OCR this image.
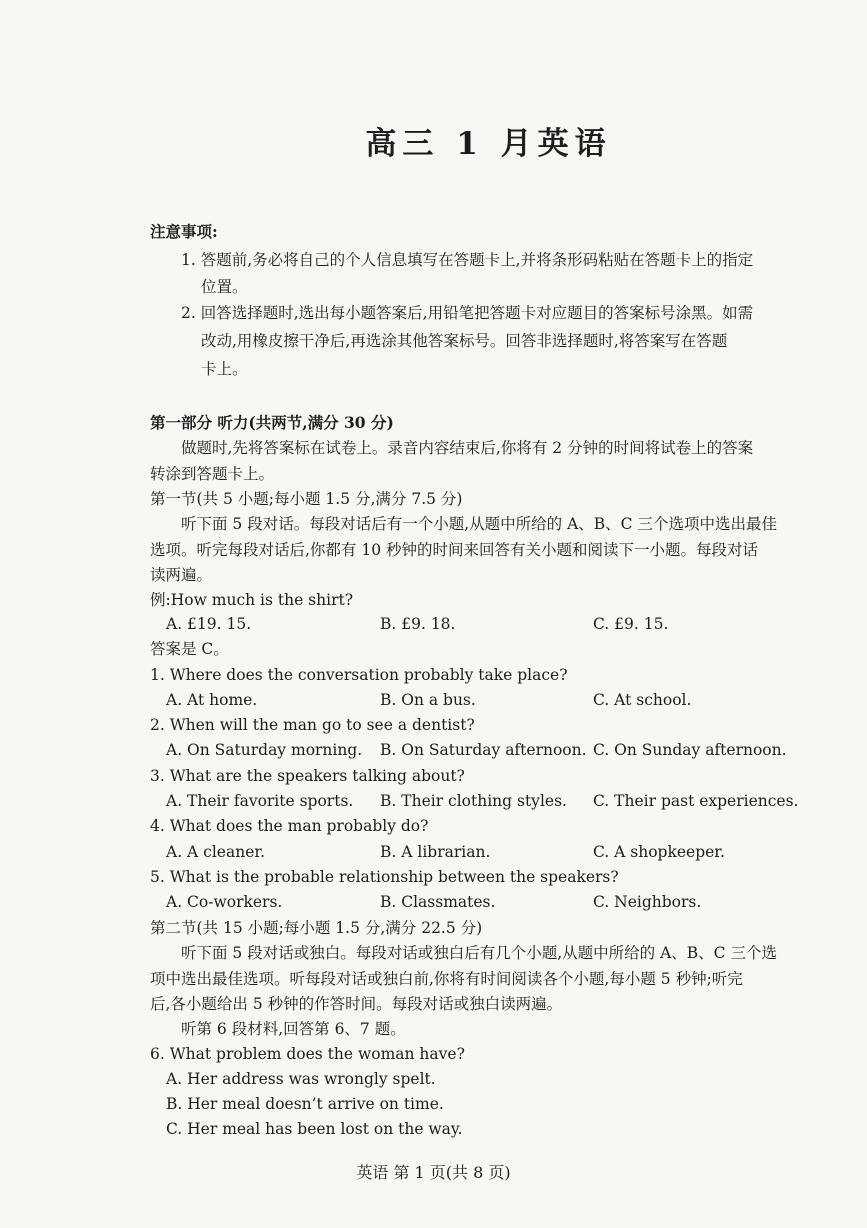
高三 1 月英语
注意事项:
1. 答题前,务必将自己的个人信息填写在答题卡上,并将条形码粘贴在答题卡上的指定
位置。
2. 回答选择题时,选出每小题答案后,用铅笔把答题卡对应题目的答案标号涂黑。如需
改动,用橡皮擦干净后,再选涂其他答案标号。回答非选择题时,将答案写在答题
卡上。
第一部分 听力(共两节,满分 30 分)
做题时,先将答案标在试卷上。录音内容结束后,你将有 2 分钟的时间将试卷上的答案
转涂到答题卡上。
第一节(共 5 小题;每小题 1.5 分,满分 7.5 分)
听下面 5 段对话。每段对话后有一个小题,从题中所给的 A、B、C 三个选项中选出最佳
选项。听完每段对话后,你都有 10 秒钟的时间来回答有关小题和阅读下一小题。每段对话
读两遍。
例:How much is the shirt?
A. £19. 15.	B. £9. 18.	C. £9. 15.
答案是 C。
1. Where does the conversation probably take place?
A. At home.	B. On a bus.	C. At school.
2. When will the man go to see a dentist?
A. On Saturday morning. B. On Saturday afternoon. C. On Sunday afternoon.
3. What are the speakers talking about?
A. Their favorite sports. B. Their clothing styles. C. Their past experiences.
4. What does the man probably do?
A. A cleaner.	B. A librarian.	C. A shopkeeper.
5. What is the probable relationship between the speakers?
A. Co-workers.	B. Classmates.	C. Neighbors.
第二节(共 15 小题;每小题 1.5 分,满分 22.5 分)
听下面 5 段对话或独白。每段对话或独白后有几个小题,从题中所给的 A、B、C 三个选
项中选出最佳选项。听每段对话或独白前,你将有时间阅读各个小题,每小题 5 秒钟;听完
后,各小题给出 5 秒钟的作答时间。每段对话或独白读两遍。
听第 6 段材料,回答第 6、7 题。
6. What problem does the woman have?
A. Her address was wrongly spelt.
B. Her meal doesn’t arrive on time.
C. Her meal has been lost on the way.
英语 第 1 页(共 8 页)
